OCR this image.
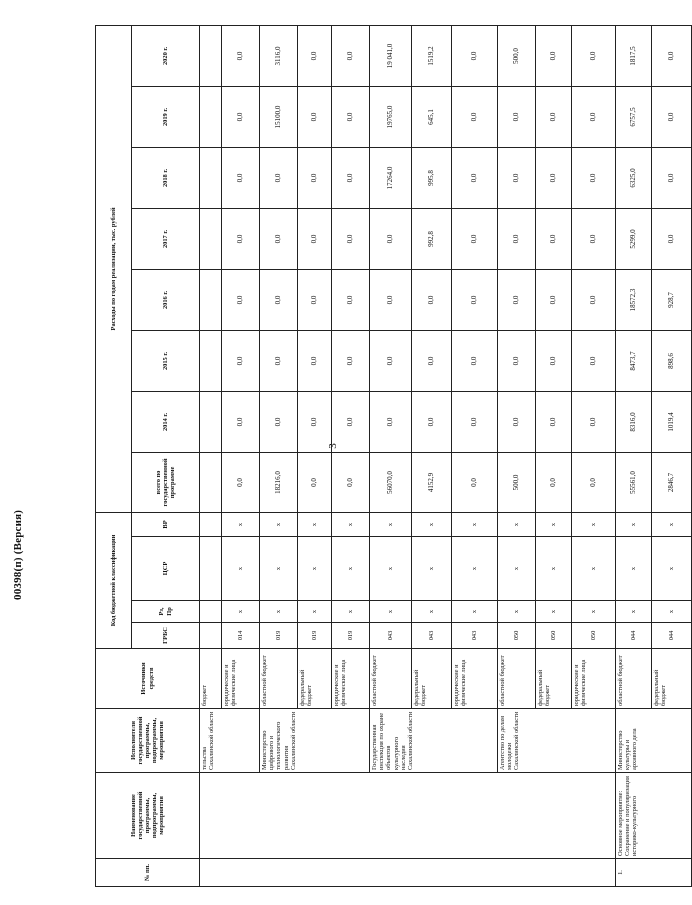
3
00398(п) (Версия)
№ пп.	Наименование государственной программы, подпрограммы, мероприятия	Исполнители государственной программы, подпрограммы, мероприятия	Источники средств	Код бюджетной классификации				Расходы по годам реализации, тыс. рублей							
				ГРБС	Рз, Пр	ЦСР	ВР	всего по государственной программе	2014 г.	2015 г.	2016 г.	2017 г.	2018 г.	2019 г.	2020 г.
		тельства Сахалинской области	бюджет												
			юридические и физические лица	014	x	x	x	0,0	0,0	0,0	0,0	0,0	0,0	0,0	0,0
		Министерство цифрового и технологического развития Сахалинской области	областной бюджет	019	x	x	x	18216,0	0,0	0,0	0,0	0,0	0,0	15100,0	3116,0
			федеральный бюджет	019	x	x	x	0,0	0,0	0,0	0,0	0,0	0,0	0,0	0,0
			юридические и физические лица	019	x	x	x	0,0	0,0	0,0	0,0	0,0	0,0	0,0	0,0
		Государственная инспекция по охране объектов культурного наследия Сахалинской области	областной бюджет	043	x	x	x	56070,0	0,0	0,0	0,0	0,0	17264,0	19765,0	19 041,0
			федеральный бюджет	043	x	x	x	4152,9	0,0	0,0	0,0	992,8	995,8	645,1	1519,2
			юридические и физические лица	043	x	x	x	0,0	0,0	0,0	0,0	0,0	0,0	0,0	0,0
		Агентство по делам молодежи Сахалинской области	областной бюджет	050	x	x	x	500,0	0,0	0,0	0,0	0,0	0,0	0,0	500,0
			федеральный бюджет	050	x	x	x	0,0	0,0	0,0	0,0	0,0	0,0	0,0	0,0
			юридические и физические лица	050	x	x	x	0,0	0,0	0,0	0,0	0,0	0,0	0,0	0,0
1.	Основное мероприятие: Сохранение и популяризация историко-культурного	Министерство культуры и архивного дела	областной бюджет	044	x	x	x	55561,0	8316,0	8473,7	18572,3	5299,0	6325,0	6757,5	1817,5
			федеральный бюджет	044	x	x	x	2846,7	1019,4	898,6	928,7	0,0	0,0	0,0	0,0
